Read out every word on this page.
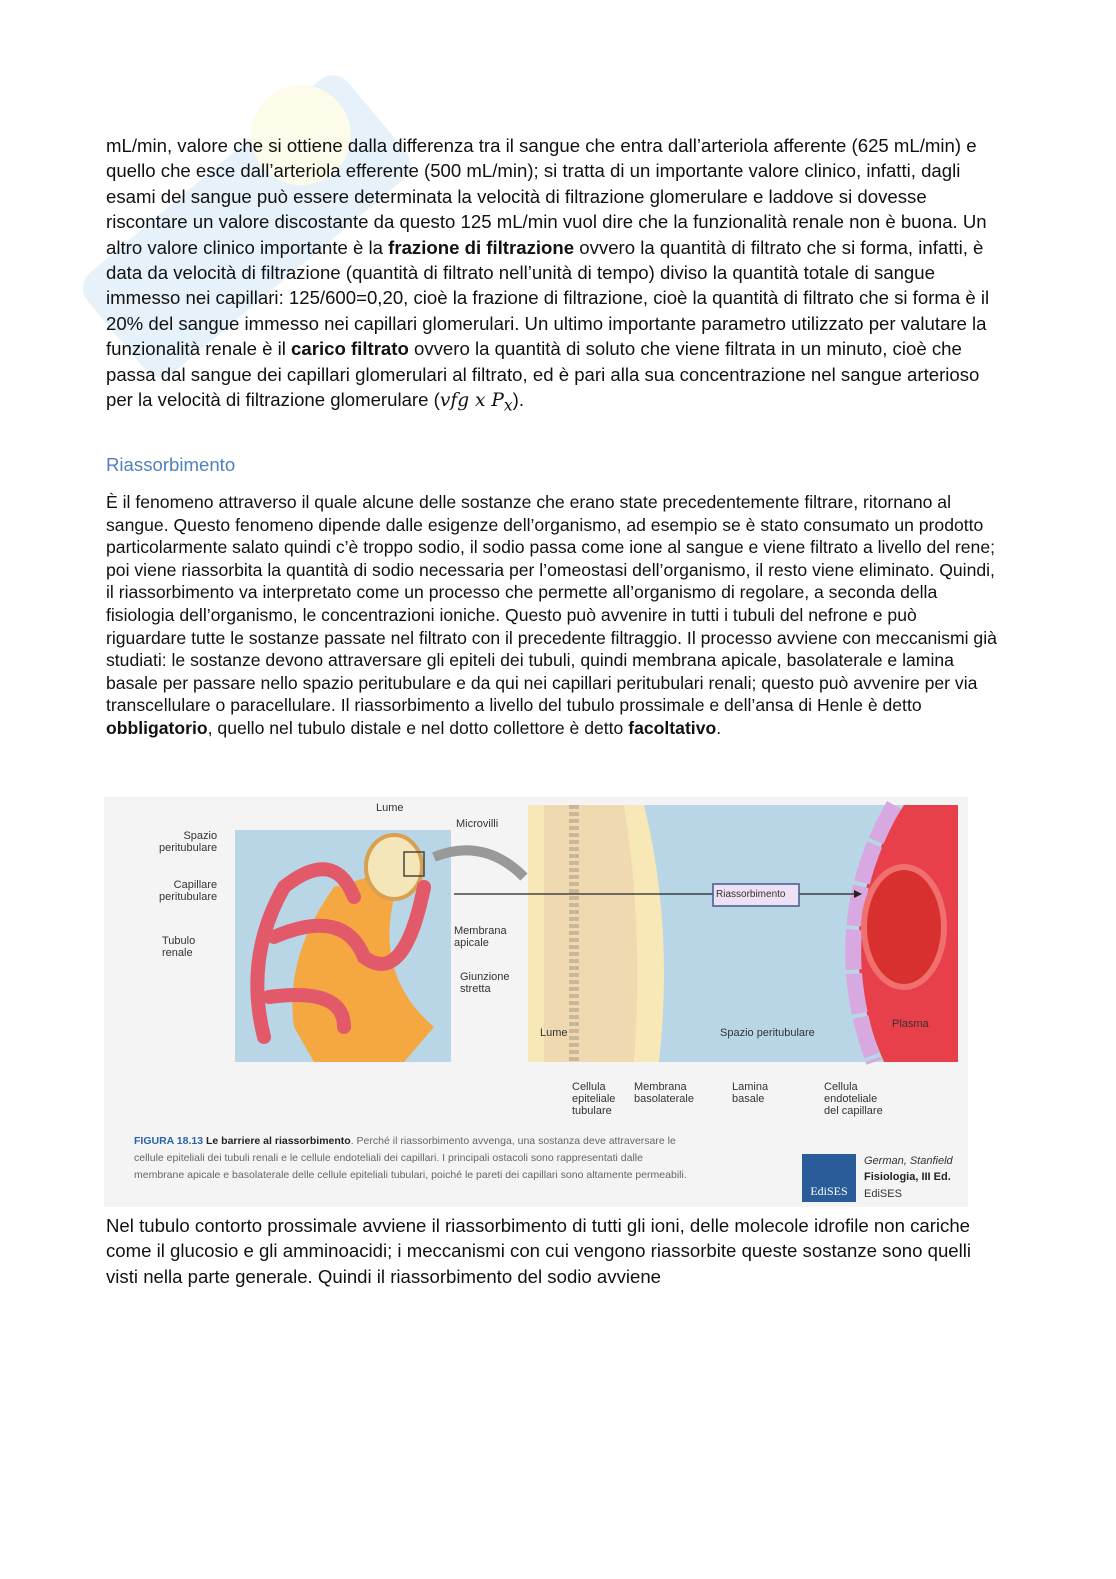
mL/min, valore che si ottiene dalla differenza tra il sangue che entra dall’arteriola afferente (625 mL/min) e quello che esce dall’arteriola efferente (500 mL/min); si tratta di un importante valore clinico, infatti, dagli esami del sangue può essere determinata la velocità di filtrazione glomerulare e laddove si dovesse riscontare un valore discostante da questo 125 mL/min vuol dire che la funzionalità renale non è buona. Un altro valore clinico importante è la frazione di filtrazione ovvero la quantità di filtrato che si forma, infatti, è data da velocità di filtrazione (quantità di filtrato nell’unità di tempo) diviso la quantità totale di sangue immesso nei capillari: 125/600=0,20, cioè la frazione di filtrazione, cioè la quantità di filtrato che si forma è il 20% del sangue immesso nei capillari glomerulari. Un ultimo importante parametro utilizzato per valutare la funzionalità renale è il carico filtrato ovvero la quantità di soluto che viene filtrata in un minuto, cioè che passa dal sangue dei capillari glomerulari al filtrato, ed è pari alla sua concentrazione nel sangue arterioso per la velocità di filtrazione glomerulare (vfg x $P_x$).
Riassorbimento
È il fenomeno attraverso il quale alcune delle sostanze che erano state precedentemente filtrare, ritornano al sangue. Questo fenomeno dipende dalle esigenze dell’organismo, ad esempio se è stato consumato un prodotto particolarmente salato quindi c’è troppo sodio, il sodio passa come ione al sangue e viene filtrato a livello del rene; poi viene riassorbita la quantità di sodio necessaria per l’omeostasi dell’organismo, il resto viene eliminato. Quindi, il riassorbimento va interpretato come un processo che permette all’organismo di regolare, a seconda della fisiologia dell’organismo, le concentrazioni ioniche. Questo può avvenire in tutti i tubuli del nefrone e può riguardare tutte le sostanze passate nel filtrato con il precedente filtraggio. Il processo avviene con meccanismi già studiati: le sostanze devono attraversare gli epiteli dei tubuli, quindi membrana apicale, basolaterale e lamina basale per passare nello spazio peritubulare e da qui nei capillari peritubulari renali; questo può avvenire per via transcellulare o paracellulare. Il riassorbimento a livello del tubulo prossimale e dell’ansa di Henle è detto obbligatorio, quello nel tubulo distale e nel dotto collettore è detto facoltativo.
Lume
Spazio
peritubulare
Capillare
peritubulare
Tubulo
renale
Microvilli
Membrana
apicale
Giunzione
stretta
Lume
Riassorbimento
Spazio peritubulare
Plasma
Cellula
epiteliale
tubulare
Membrana
basolaterale
Lamina
basale
Cellula
endoteliale
del capillare
FIGURA 18.13 Le barriere al riassorbimento. Perché il riassorbimento avvenga, una sostanza deve attraversare le cellule epiteliali dei tubuli renali e le cellule endoteliali dei capillari. I principali ostacoli sono rappresentati dalle membrane apicale e basolaterale delle cellule epiteliali tubulari, poiché le pareti dei capillari sono altamente permeabili.
EdiSES
German, Stanfield
Fisiologia, III Ed.
EdiSES
Nel tubulo contorto prossimale avviene il riassorbimento di tutti gli ioni, delle molecole idrofile non cariche come il glucosio e gli amminoacidi; i meccanismi con cui vengono riassorbite queste sostanze sono quelli visti nella parte generale. Quindi il riassorbimento del sodio avviene
